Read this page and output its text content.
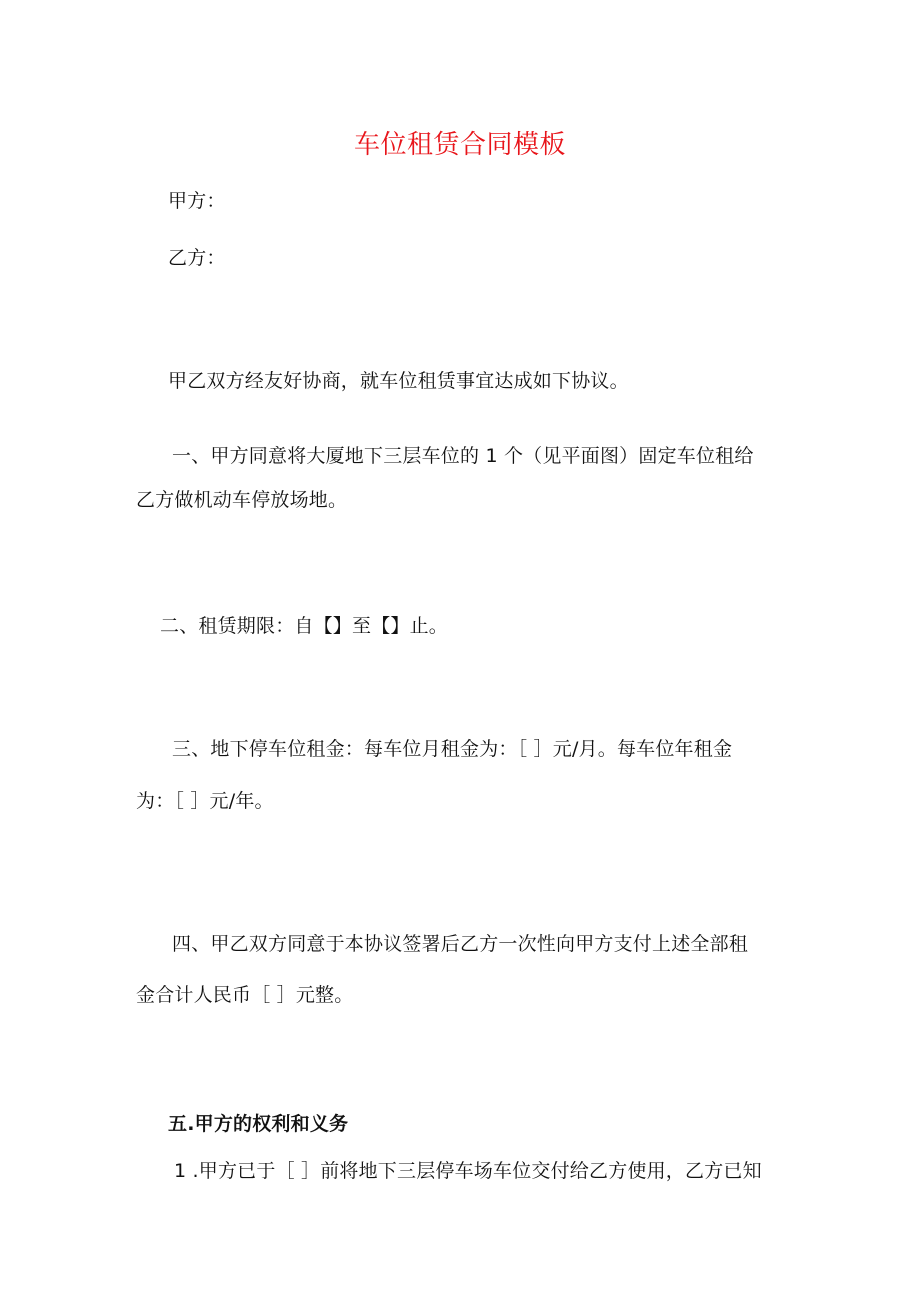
车位租赁合同模板
甲方：
乙方：
甲乙双方经友好协商，就车位租赁事宜达成如下协议。
一、甲方同意将大厦地下三层车位的 1 个（见平面图）固定车位租给
乙方做机动车停放场地。
二、租赁期限：自【】至【】止。
三、地下停车位租金：每车位月租金为：［ ］元/月。每车位年租金
为：［ ］元/年。
四、甲乙双方同意于本协议签署后乙方一次性向甲方支付上述全部租
金合计人民币［ ］元整。
五.甲方的权利和义务
1 .甲方已于［ ］前将地下三层停车场车位交付给乙方使用，乙方已知
